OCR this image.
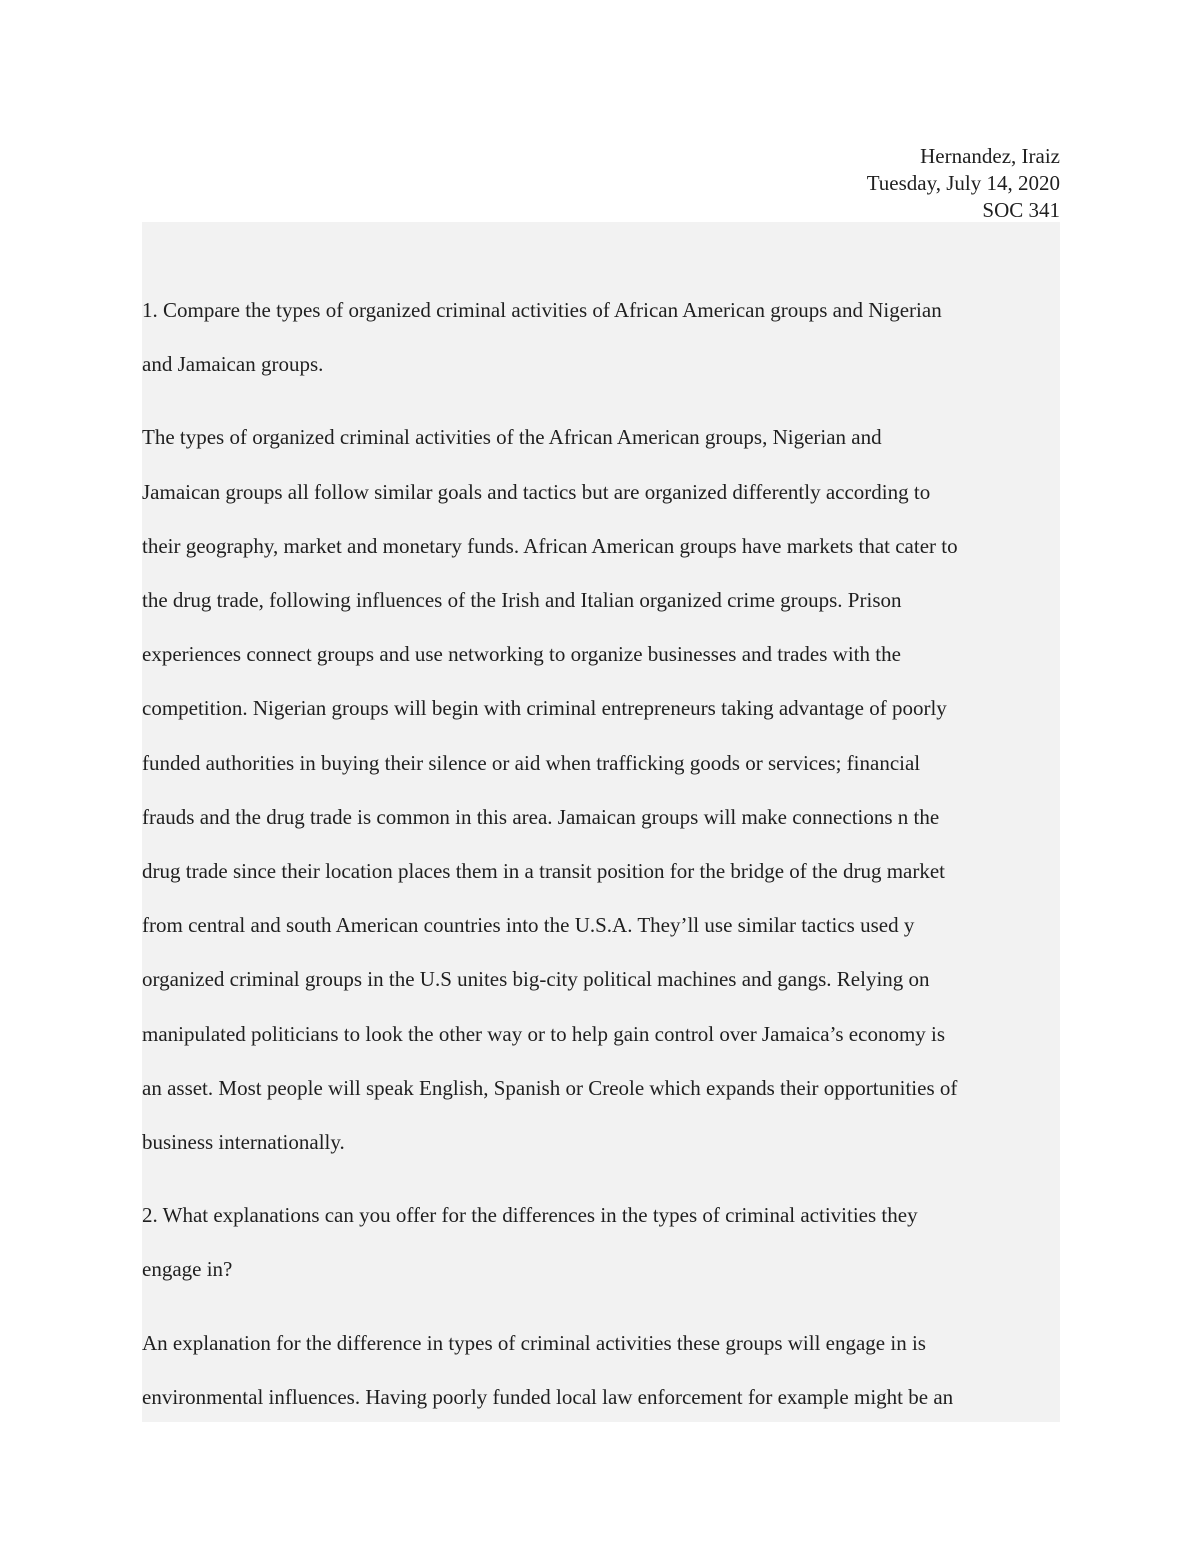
Hernandez, Iraiz
Tuesday, July 14, 2020
SOC 341

1. Compare the types of organized criminal activities of African American groups and Nigerian
and Jamaican groups.

The types of organized criminal activities of the African American groups, Nigerian and
Jamaican groups all follow similar goals and tactics but are organized differently according to
their geography, market and monetary funds. African American groups have markets that cater to
the drug trade, following influences of the Irish and Italian organized crime groups. Prison
experiences connect groups and use networking to organize businesses and trades with the
competition. Nigerian groups will begin with criminal entrepreneurs taking advantage of poorly
funded authorities in buying their silence or aid when trafficking goods or services; financial
frauds and the drug trade is common in this area. Jamaican groups will make connections n the
drug trade since their location places them in a transit position for the bridge of the drug market
from central and south American countries into the U.S.A. They’ll use similar tactics used y
organized criminal groups in the U.S unites big-city political machines and gangs. Relying on
manipulated politicians to look the other way or to help gain control over Jamaica’s economy is
an asset. Most people will speak English, Spanish or Creole which expands their opportunities of
business internationally.

2. What explanations can you offer for the differences in the types of criminal activities they
engage in?

An explanation for the difference in types of criminal activities these groups will engage in is
environmental influences. Having poorly funded local law enforcement for example might be an
